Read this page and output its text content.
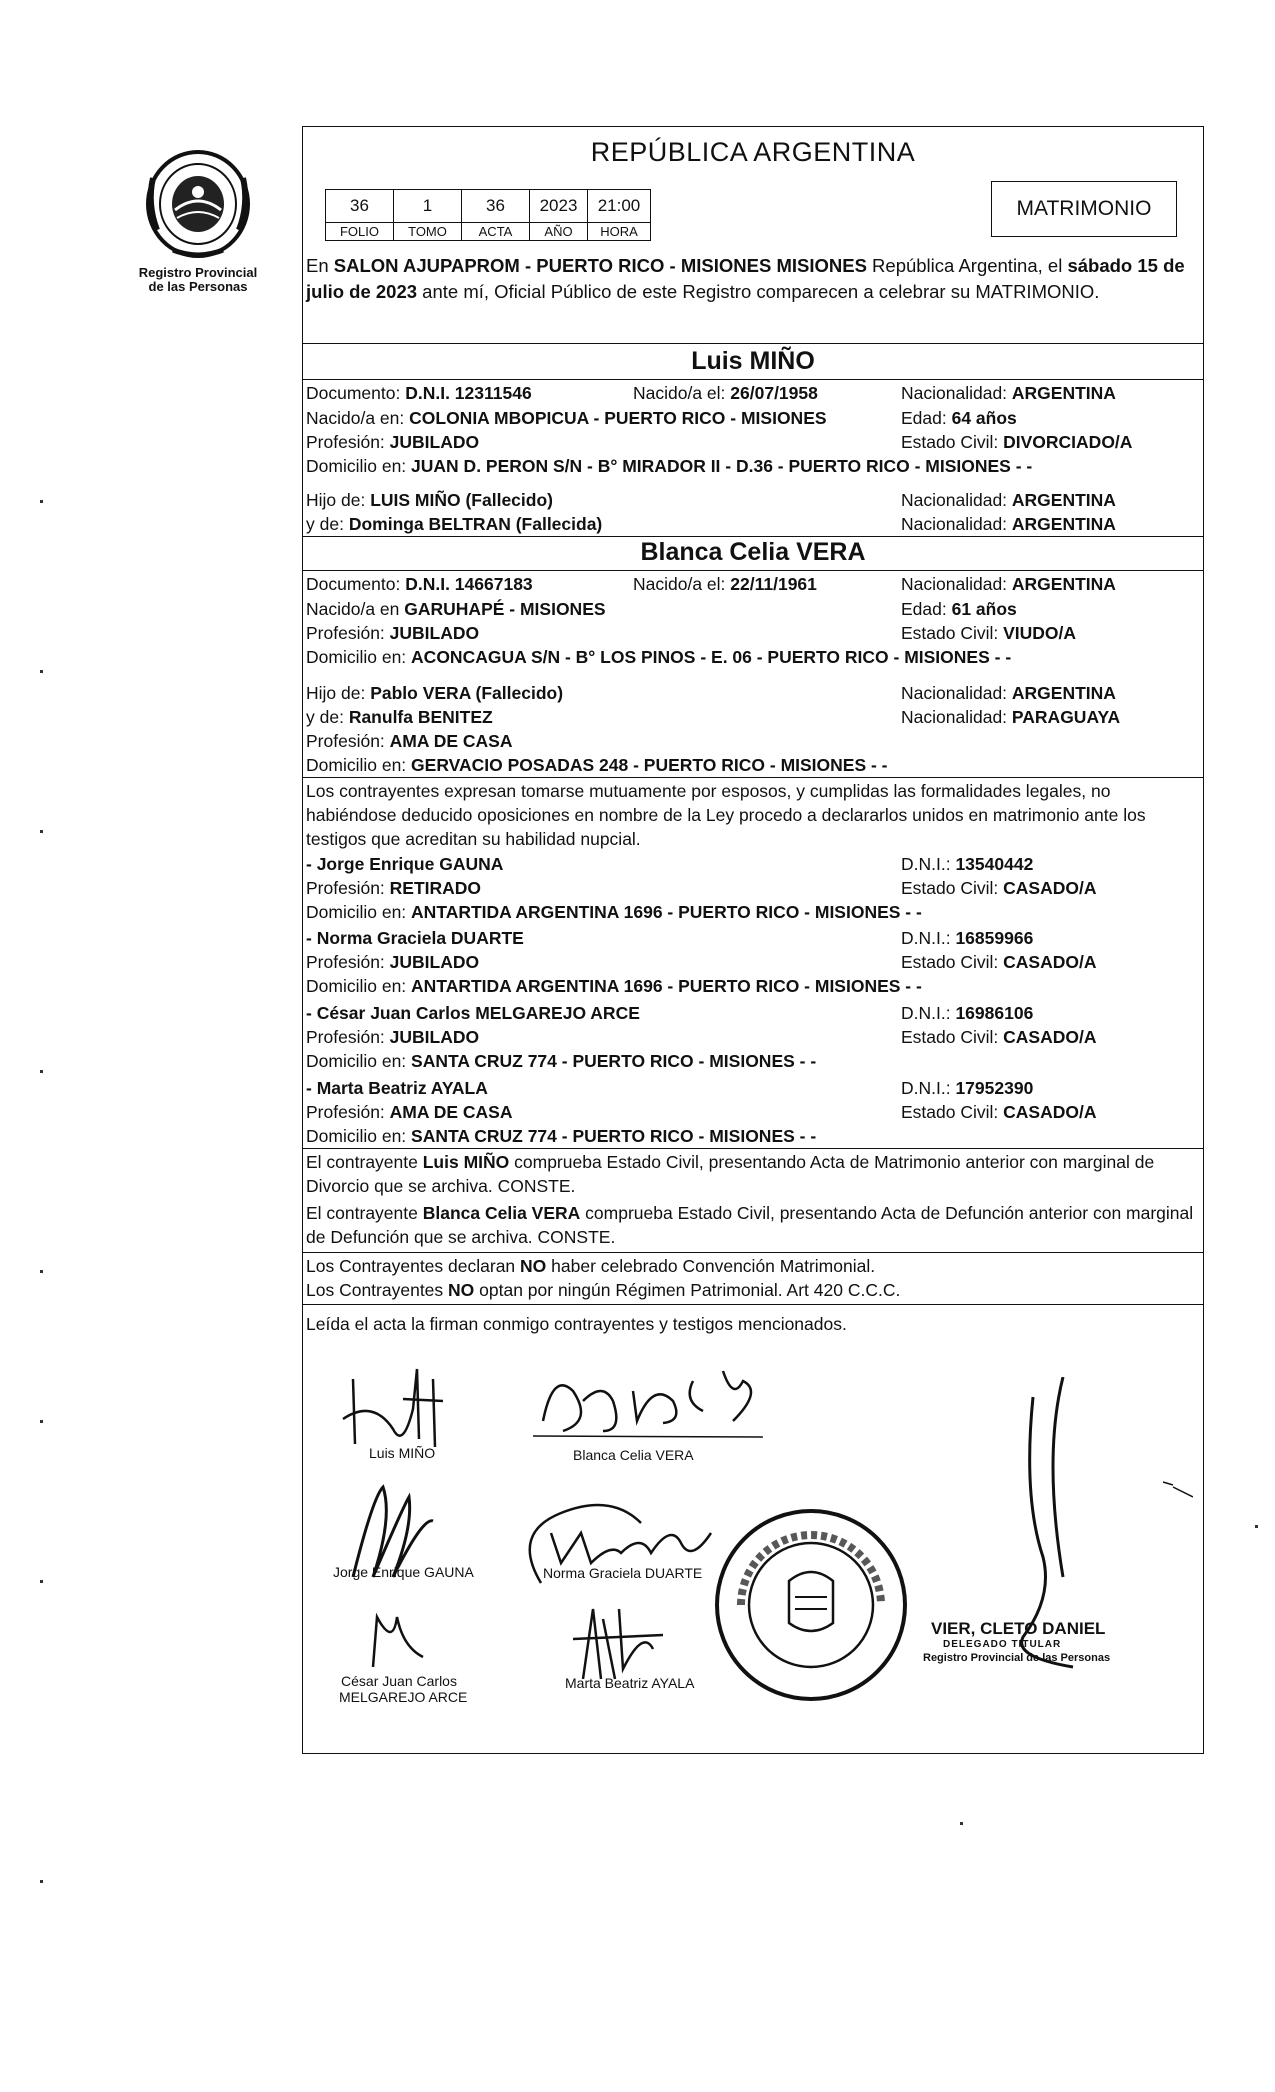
Registro Provincial
de las Personas
REPÚBLICA ARGENTINA
36	1	36	2023	21:00
FOLIO	TOMO	ACTA	AÑO	HORA
MATRIMONIO
En SALON AJUPAPROM - PUERTO RICO - MISIONES MISIONES República Argentina, el sábado 15 de julio de 2023 ante mí, Oficial Público de este Registro comparecen a celebrar su MATRIMONIO.
Luis MIÑO
Documento: D.N.I. 12311546	Nacido/a el: 26/07/1958	Nacionalidad: ARGENTINA
Nacido/a en: COLONIA MBOPICUA - PUERTO RICO - MISIONES	Edad: 64 años
Profesión: JUBILADO	Estado Civil: DIVORCIADO/A
Domicilio en: JUAN D. PERON S/N - B° MIRADOR II - D.36 - PUERTO RICO - MISIONES - -
Hijo de: LUIS MIÑO (Fallecido)	Nacionalidad: ARGENTINA
y de: Dominga BELTRAN (Fallecida)	Nacionalidad: ARGENTINA
Blanca Celia VERA
Documento: D.N.I. 14667183	Nacido/a el: 22/11/1961	Nacionalidad: ARGENTINA
Nacido/a en GARUHAPÉ - MISIONES	Edad: 61 años
Profesión: JUBILADO	Estado Civil: VIUDO/A
Domicilio en: ACONCAGUA S/N - B° LOS PINOS - E. 06 - PUERTO RICO - MISIONES - -
Hijo de: Pablo VERA (Fallecido)	Nacionalidad: ARGENTINA
y de: Ranulfa BENITEZ	Nacionalidad: PARAGUAYA
Profesión: AMA DE CASA
Domicilio en: GERVACIO POSADAS 248 - PUERTO RICO - MISIONES - -
Los contrayentes expresan tomarse mutuamente por esposos, y cumplidas las formalidades legales, no habiéndose deducido oposiciones en nombre de la Ley procedo a declararlos unidos en matrimonio ante los testigos que acreditan su habilidad nupcial.
- Jorge Enrique GAUNA	D.N.I.: 13540442
Profesión: RETIRADO	Estado Civil: CASADO/A
Domicilio en: ANTARTIDA ARGENTINA 1696 - PUERTO RICO - MISIONES - -
- Norma Graciela DUARTE	D.N.I.: 16859966
Profesión: JUBILADO	Estado Civil: CASADO/A
Domicilio en: ANTARTIDA ARGENTINA 1696 - PUERTO RICO - MISIONES - -
- César Juan Carlos MELGAREJO ARCE	D.N.I.: 16986106
Profesión: JUBILADO	Estado Civil: CASADO/A
Domicilio en: SANTA CRUZ 774 - PUERTO RICO - MISIONES - -
- Marta Beatriz AYALA	D.N.I.: 17952390
Profesión: AMA DE CASA	Estado Civil: CASADO/A
Domicilio en: SANTA CRUZ 774 - PUERTO RICO - MISIONES - -
El contrayente Luis MIÑO comprueba Estado Civil, presentando Acta de Matrimonio anterior con marginal de Divorcio que se archiva. CONSTE.
El contrayente Blanca Celia VERA comprueba Estado Civil, presentando Acta de Defunción anterior con marginal de Defunción que se archiva. CONSTE.
Los Contrayentes declaran NO haber celebrado Convención Matrimonial.
Los Contrayentes NO optan por ningún Régimen Patrimonial. Art 420 C.C.C.
Leída el acta la firman conmigo contrayentes y testigos mencionados.
Luis MIÑO	Blanca Celia VERA
Jorge Enrique GAUNA	Norma Graciela DUARTE
César Juan Carlos
MELGAREJO ARCE
Marta Beatriz AYALA
VIER, CLETO DANIEL
DELEGADO TITULAR
Registro Provincial de las Personas
